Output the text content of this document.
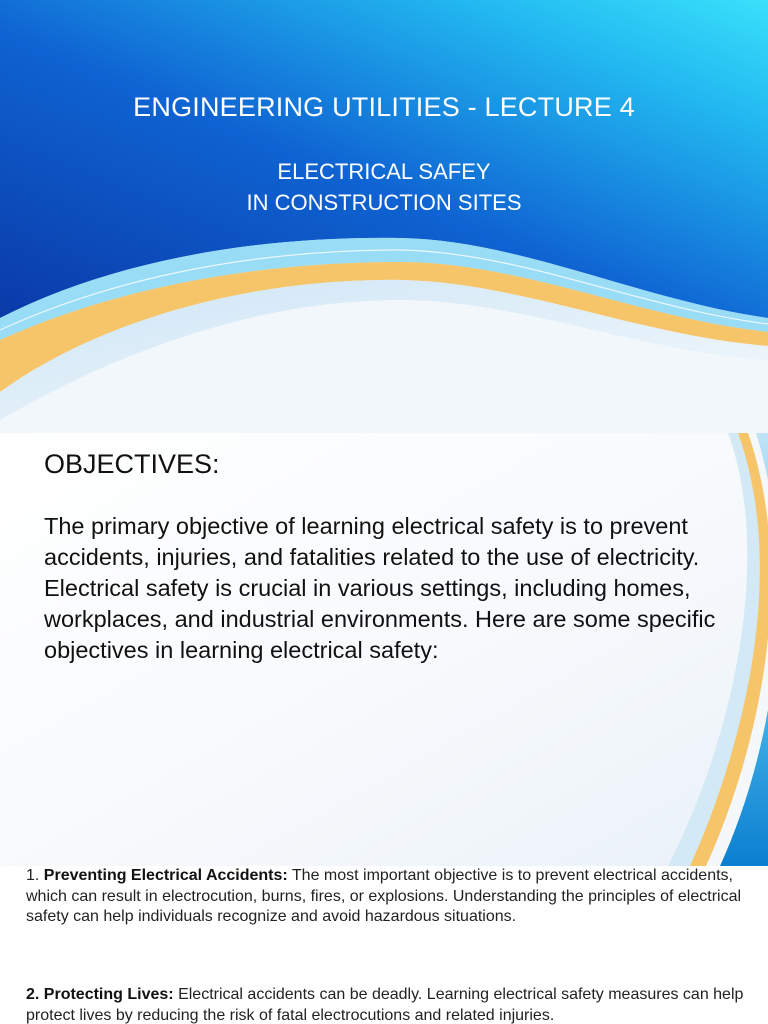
ENGINEERING UTILITIES - LECTURE 4
ELECTRICAL SAFEY
IN CONSTRUCTION SITES
OBJECTIVES:
The primary objective of learning electrical safety is to prevent accidents, injuries, and fatalities related to the use of electricity. Electrical safety is crucial in various settings, including homes, workplaces, and industrial environments. Here are some specific objectives in learning electrical safety:
1. Preventing Electrical Accidents: The most important objective is to prevent electrical accidents, which can result in electrocution, burns, fires, or explosions. Understanding the principles of electrical safety can help individuals recognize and avoid hazardous situations.
2. Protecting Lives: Electrical accidents can be deadly. Learning electrical safety measures can help protect lives by reducing the risk of fatal electrocutions and related injuries.
